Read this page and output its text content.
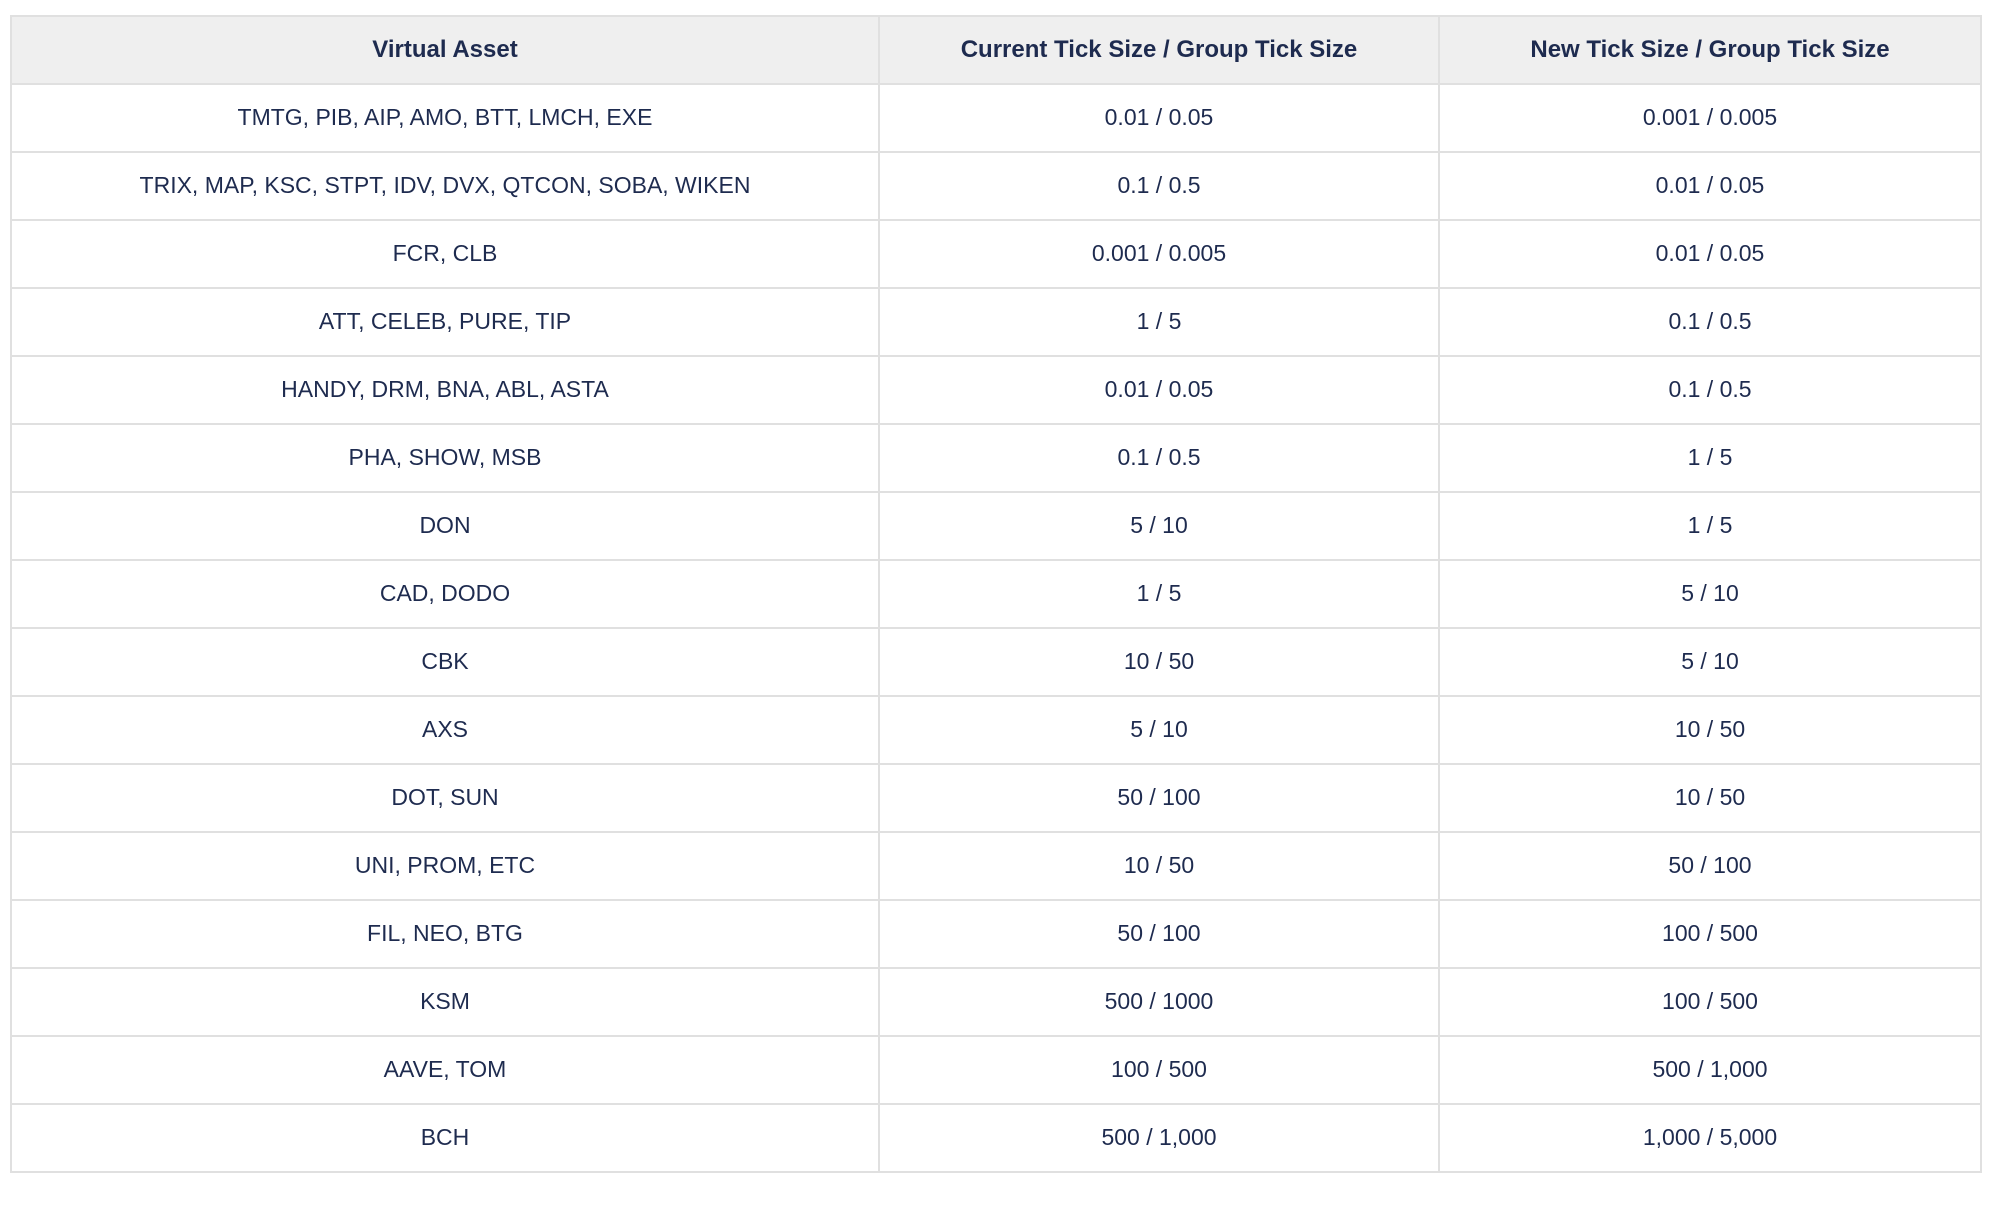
Virtual Asset	Current Tick Size / Group Tick Size	New Tick Size / Group Tick Size
TMTG, PIB, AIP, AMO, BTT, LMCH, EXE	0.01 / 0.05	0.001 / 0.005
TRIX, MAP, KSC, STPT, IDV, DVX, QTCON, SOBA, WIKEN	0.1 / 0.5	0.01 / 0.05
FCR, CLB	0.001 / 0.005	0.01 / 0.05
ATT, CELEB, PURE, TIP	1 / 5	0.1 / 0.5
HANDY, DRM, BNA, ABL, ASTA	0.01 / 0.05	0.1 / 0.5
PHA, SHOW, MSB	0.1 / 0.5	1 / 5
DON	5 / 10	1 / 5
CAD, DODO	1 / 5	5 / 10
CBK	10 / 50	5 / 10
AXS	5 / 10	10 / 50
DOT, SUN	50 / 100	10 / 50
UNI, PROM, ETC	10 / 50	50 / 100
FIL, NEO, BTG	50 / 100	100 / 500
KSM	500 / 1000	100 / 500
AAVE, TOM	100 / 500	500 / 1,000
BCH	500 / 1,000	1,000 / 5,000
